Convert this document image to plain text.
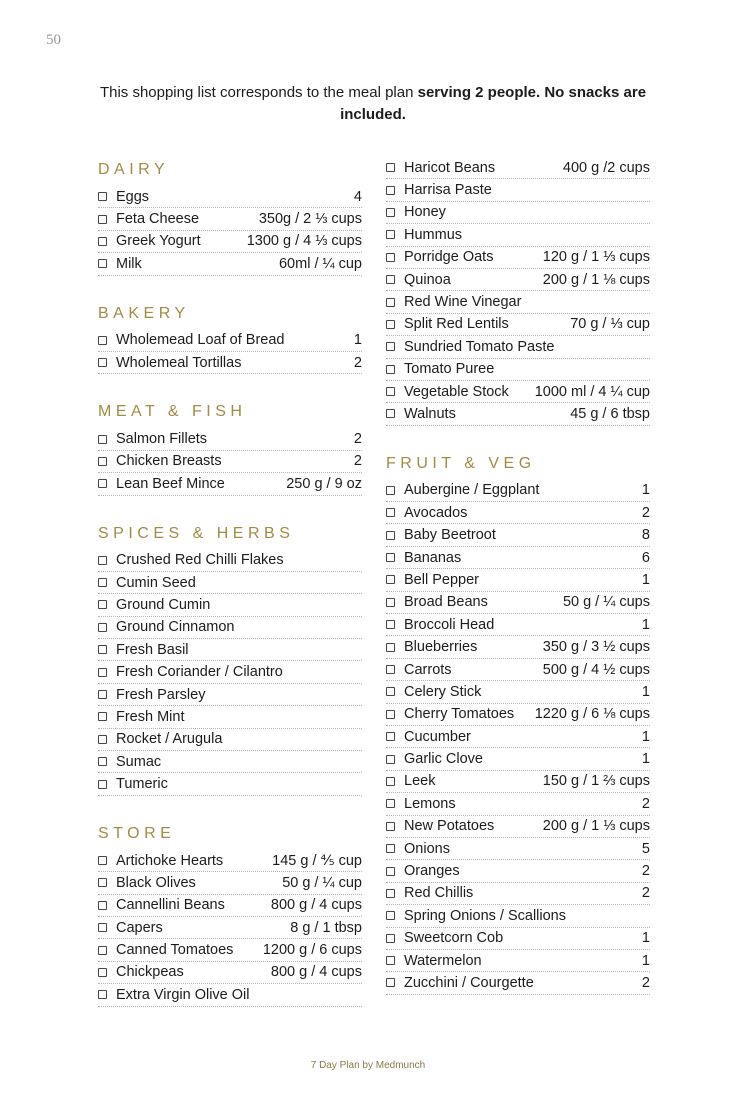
50
This shopping list corresponds to the meal plan serving 2 people. No snacks are included.
DAIRY
Eggs	4
Feta Cheese	350g / 2 ⅓ cups
Greek Yogurt	1300 g / 4 ⅓ cups
Milk	60ml / ¼ cup
BAKERY
Wholemead Loaf of Bread	1
Wholemeal Tortillas	2
MEAT & FISH
Salmon Fillets	2
Chicken Breasts	2
Lean Beef Mince	250 g / 9 oz
SPICES & HERBS
Crushed Red Chilli Flakes
Cumin Seed
Ground Cumin
Ground Cinnamon
Fresh Basil
Fresh Coriander / Cilantro
Fresh Parsley
Fresh Mint
Rocket / Arugula
Sumac
Tumeric
STORE
Artichoke Hearts	145 g / ⅘ cup
Black Olives	50 g / ¼ cup
Cannellini Beans	800 g / 4 cups
Capers	8 g / 1 tbsp
Canned Tomatoes	1200 g / 6 cups
Chickpeas	800 g / 4 cups
Extra Virgin Olive Oil
Haricot Beans	400 g /2 cups
Harrisa Paste
Honey
Hummus
Porridge Oats	120 g / 1 ⅓ cups
Quinoa	200 g / 1 ⅛ cups
Red Wine Vinegar
Split Red Lentils	70 g / ⅓ cup
Sundried Tomato Paste
Tomato Puree
Vegetable Stock	1000 ml / 4 ¼ cup
Walnuts	45 g / 6 tbsp
FRUIT & VEG
Aubergine / Eggplant	1
Avocados	2
Baby Beetroot	8
Bananas	6
Bell Pepper	1
Broad Beans	50 g / ¼ cups
Broccoli Head	1
Blueberries	350 g / 3 ½ cups
Carrots	500 g / 4 ½ cups
Celery Stick	1
Cherry Tomatoes	1220 g / 6 ⅛ cups
Cucumber	1
Garlic Clove	1
Leek	150 g / 1 ⅔ cups
Lemons	2
New Potatoes	200 g / 1 ⅓ cups
Onions	5
Oranges	2
Red Chillis	2
Spring Onions / Scallions
Sweetcorn Cob	1
Watermelon	1
Zucchini / Courgette	2
7 Day Plan by Medmunch
